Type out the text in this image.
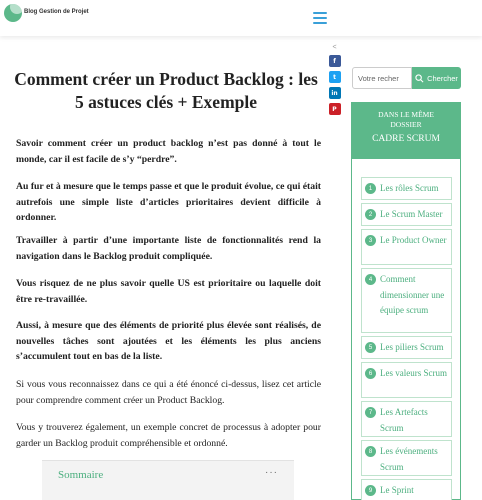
Blog Gestion de Projet
<
f
t
in
P
Comment créer un Product Backlog : les 5 astuces clés + Exemple

Savoir comment créer un product backlog n’est pas donné à tout le monde, car il est facile de s’y “perdre”.

Au fur et à mesure que le temps passe et que le produit évolue, ce qui était autrefois une simple liste d’articles prioritaires devient difficile à ordonner.

Travailler à partir d’une importante liste de fonctionnalités rend la navigation dans le Backlog produit compliquée.

Vous risquez de ne plus savoir quelle US est prioritaire ou laquelle doit être re-travaillée.

Aussi, à mesure que des éléments de priorité plus élevée sont réalisés, de nouvelles tâches sont ajoutées et les éléments les plus anciens s’accumulent tout en bas de la liste.

Si vous vous reconnaissez dans ce qui a été énoncé ci-dessus, lisez cet article pour comprendre comment créer un Product Backlog.

Vous y trouverez également, un exemple concret de processus à adopter pour garder un Backlog produit compréhensible et ordonné.

Sommaire	···
Votre recher
Chercher
DANS LE MÊME
DOSSIER
CADRE SCRUM
1 Les rôles Scrum
2 Le Scrum Master
3 Le Product Owner
4 Comment dimensionner une équipe scrum
5 Les piliers Scrum
6 Les valeurs Scrum
7 Les Artefacts Scrum
8 Les événements Scrum
9 Le Sprint
